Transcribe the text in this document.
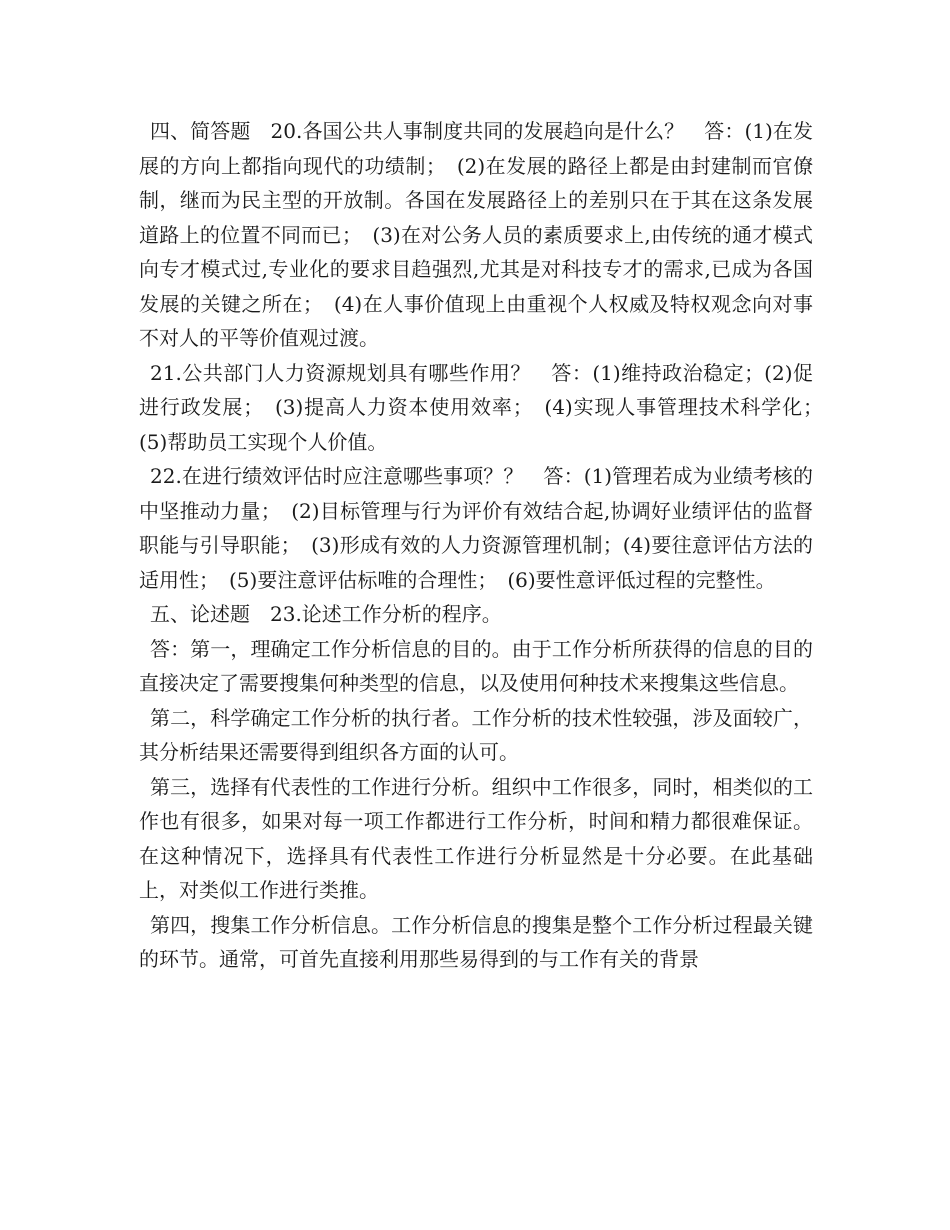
四、简答题　20.各国公共人事制度共同的发展趋向是什么？　答：(1)在发展的方向上都指向现代的功绩制；　(2)在发展的路径上都是由封建制而官僚制，继而为民主型的开放制。各国在发展路径上的差别只在于其在这条发展道路上的位置不同而已；　(3)在对公务人员的素质要求上,由传统的通才模式向专才模式过,专业化的要求目趋强烈,尤其是对科技专才的需求,已成为各国发展的关键之所在；　(4)在人事价值现上由重视个人权威及特权观念向对事不对人的平等价值观过渡。

21.公共部门人力资源规划具有哪些作用？　答：(1)维持政治稳定；(2)促进行政发展；　(3)提高人力资本使用效率；　(4)实现人事管理技术科学化；　(5)帮助员工实现个人价值。

22.在进行绩效评估时应注意哪些事项？？　答：(1)管理若成为业绩考核的中坚推动力量；　(2)目标管理与行为评价有效结合起,协调好业绩评估的监督职能与引导职能；　(3)形成有效的人力资源管理机制；(4)要往意评估方法的适用性；　(5)要注意评估标唯的合理性；　(6)要性意评低过程的完整性。

五、论述题　23.论述工作分析的程序。

答：第一，理确定工作分析信息的目的。由于工作分析所获得的信息的目的直接决定了需要搜集何种类型的信息，以及使用何种技术来搜集这些信息。

第二，科学确定工作分析的执行者。工作分析的技术性较强，涉及面较广，其分析结果还需要得到组织各方面的认可。

第三，选择有代表性的工作进行分析。组织中工作很多，同时，相类似的工作也有很多，如果对每一项工作都进行工作分析，时间和精力都很难保证。在这种情况下，选择具有代表性工作进行分析显然是十分必要。在此基础上，对类似工作进行类推。

第四，搜集工作分析信息。工作分析信息的搜集是整个工作分析过程最关键的环节。通常，可首先直接利用那些易得到的与工作有关的背景
